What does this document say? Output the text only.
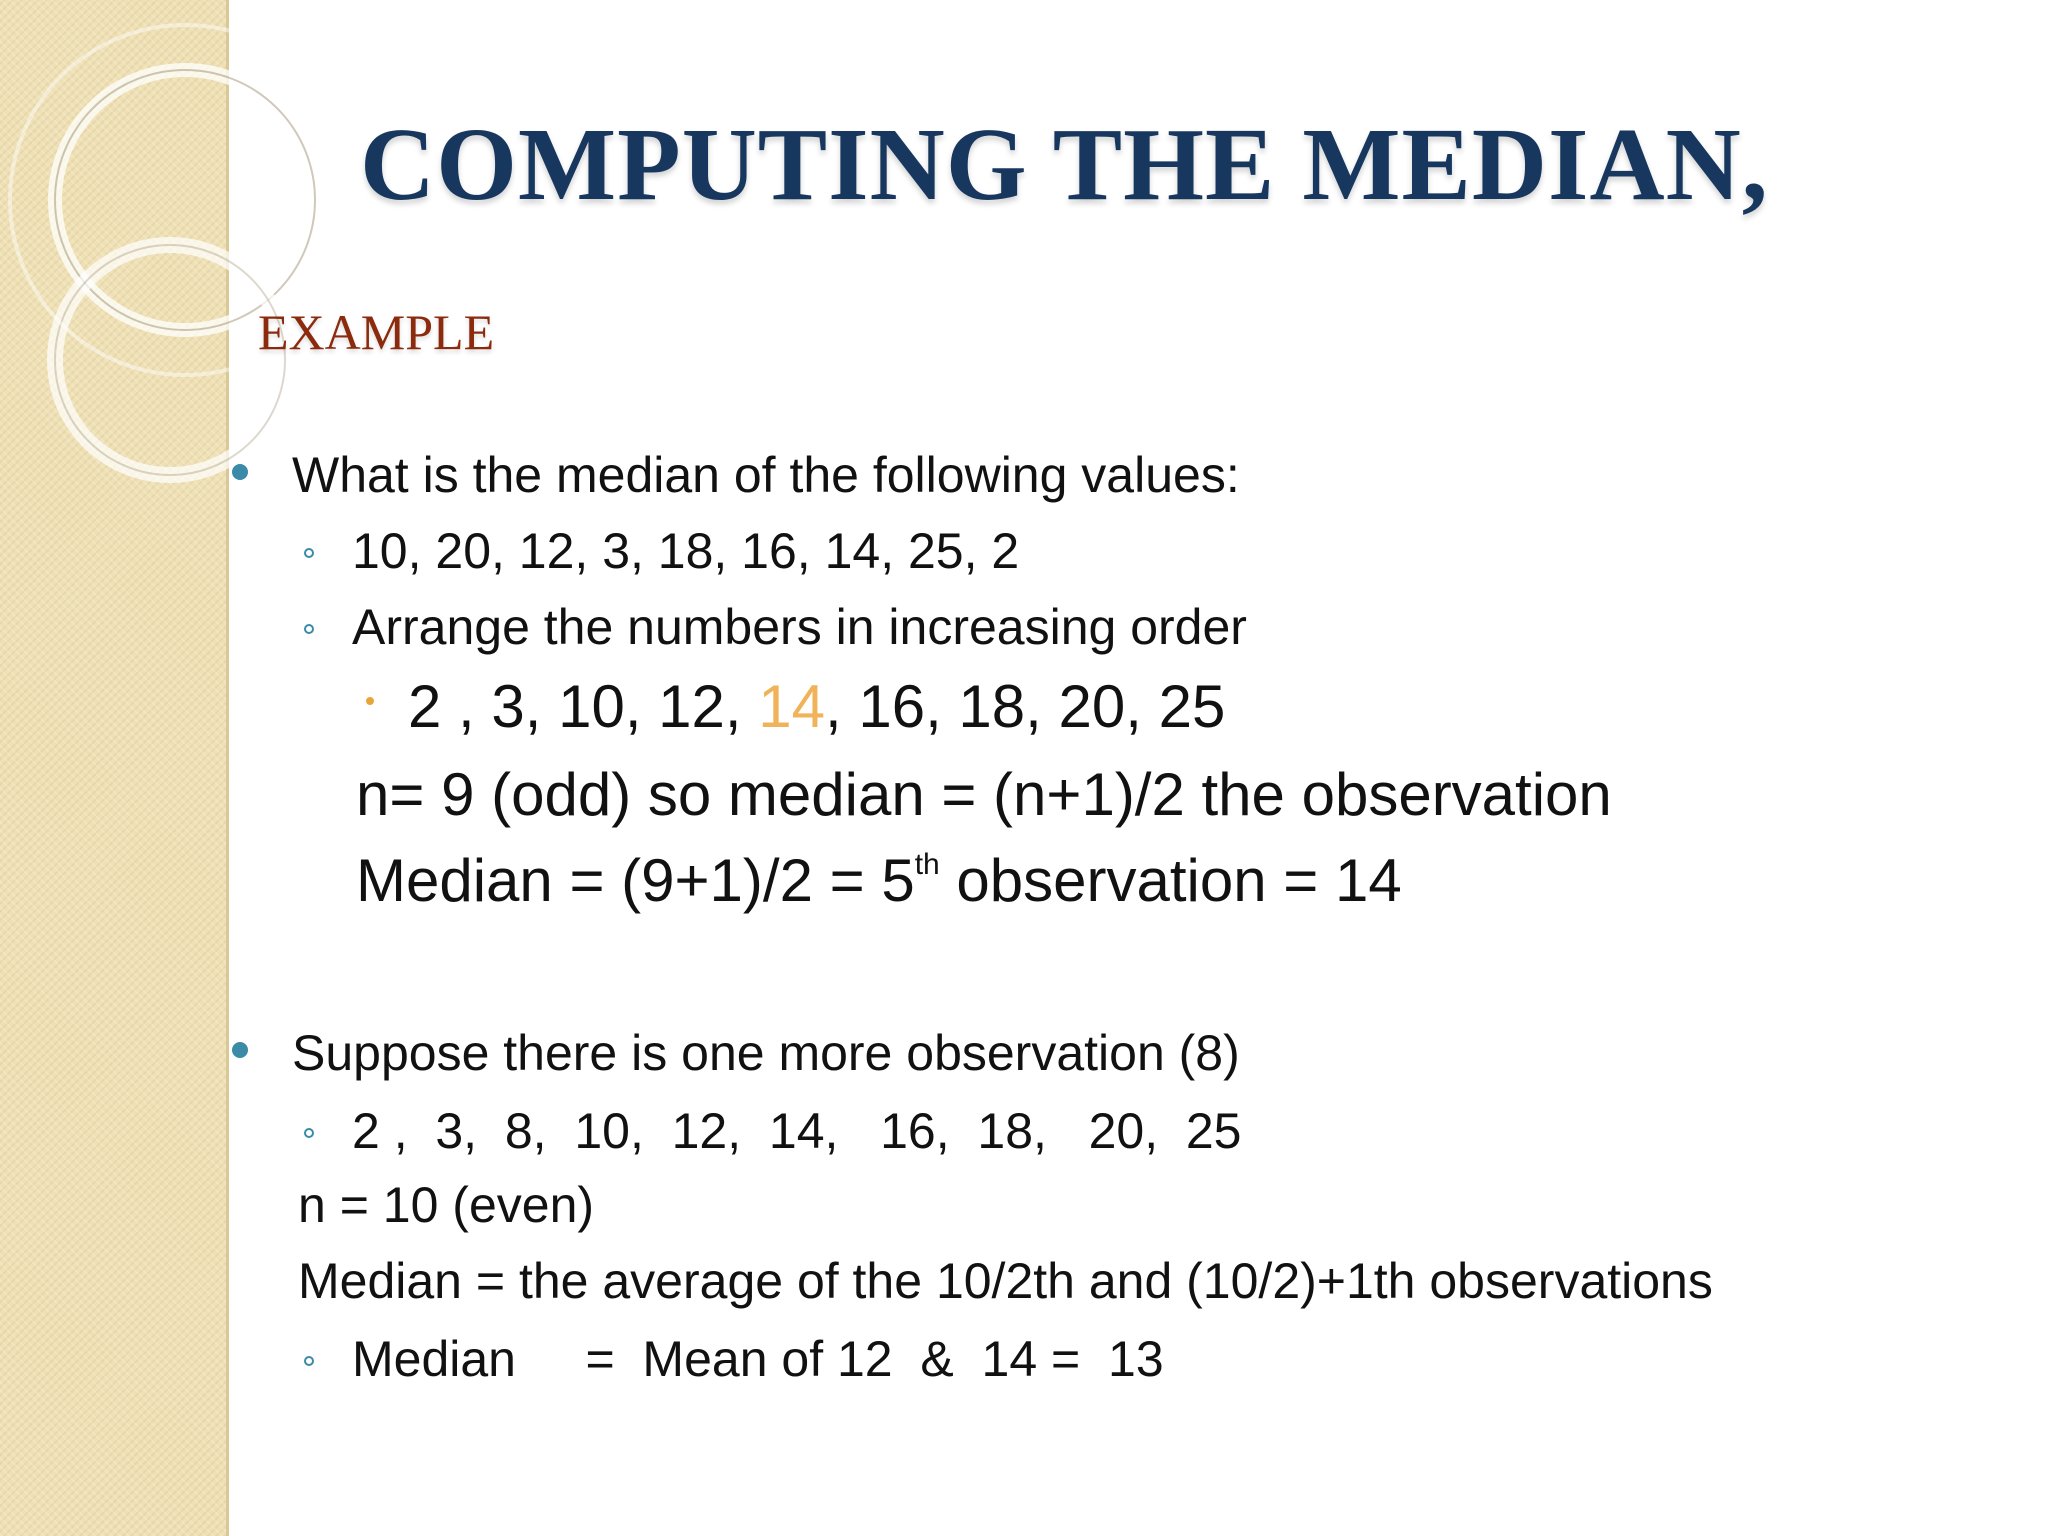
COMPUTING THE MEDIAN,
EXAMPLE
What is the median of the following values:
10, 20, 12, 3, 18, 16, 14, 25, 2
Arrange the numbers in increasing order
2 , 3, 10, 12, 14, 16, 18, 20, 25
n= 9 (odd) so median = (n+1)/2 the observation
Median = (9+1)/2 = 5th observation = 14
Suppose there is one more observation (8)
2 ,  3,  8,  10,  12,  14,   16,  18,   20,  25
n = 10 (even)
Median = the average of the 10/2th and (10/2)+1th observations
Median     =  Mean of 12  &  14 =  13
